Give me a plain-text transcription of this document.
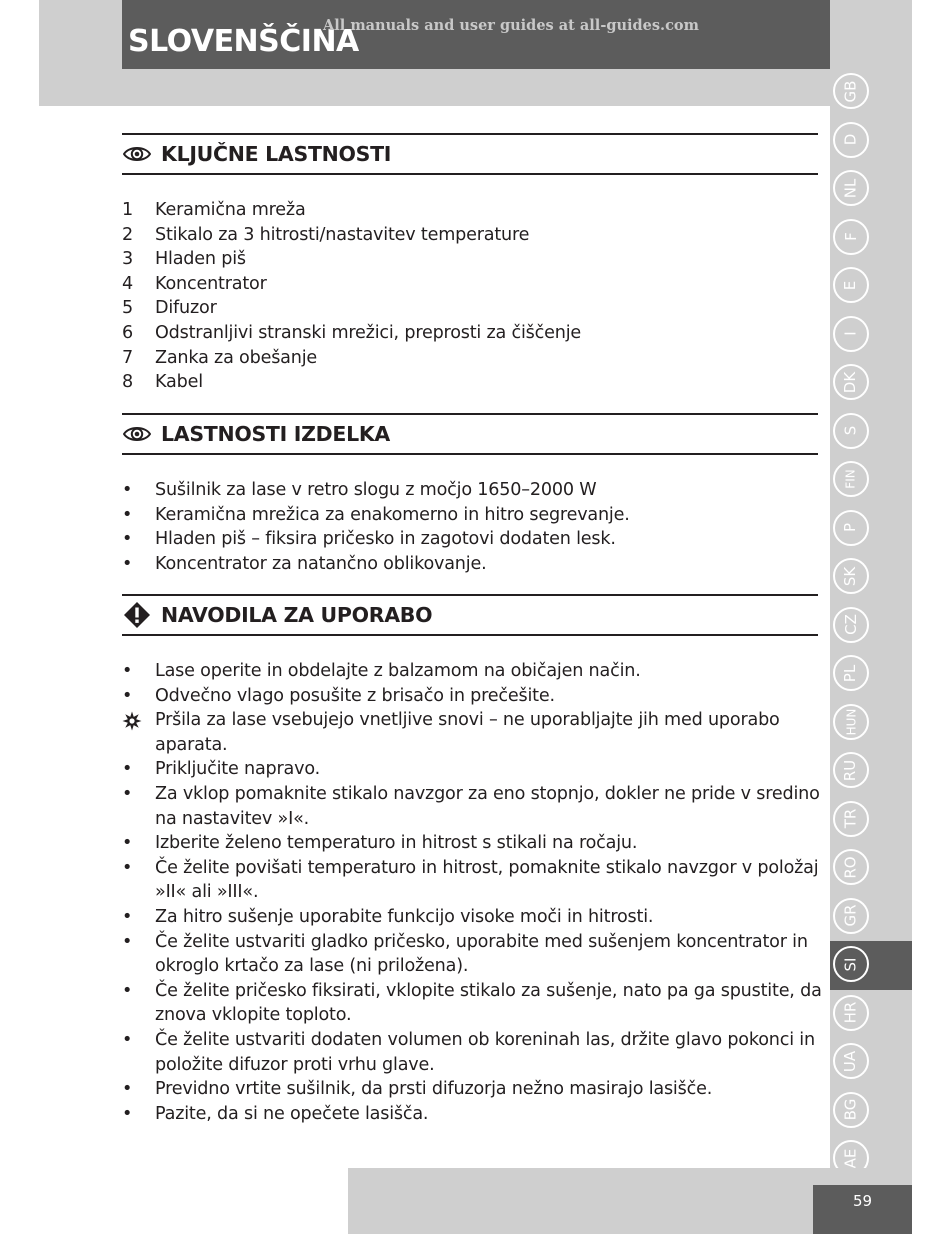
SLOVENŠČINA
All manuals and user guides at all-guides.com
GB
D
NL
F
E
I
DK
S
FIN
P
SK
CZ
PL
HUN
RU
TR
RO
GR
SI
HR
UA
BG
AE
59
KLJUČNE LASTNOSTI
1	Keramična mreža
2	Stikalo za 3 hitrosti/nastavitev temperature
3	Hladen piš
4	Koncentrator
5	Difuzor
6	Odstranljivi stranski mrežici, preprosti za čiščenje
7	Zanka za obešanje
8	Kabel
LASTNOSTI IZDELKA
•	Sušilnik za lase v retro slogu z močjo 1650–2000 W
•	Keramična mrežica za enakomerno in hitro segrevanje.
•	Hladen piš – fiksira pričesko in zagotovi dodaten lesk.
•	Koncentrator za natančno oblikovanje.
NAVODILA ZA UPORABO
•	Lase operite in obdelajte z balzamom na običajen način.
•	Odvečno vlago posušite z brisačo in prečešite.
Pršila za lase vsebujejo vnetljive snovi – ne uporabljajte jih med uporabo aparata.
•	Priključite napravo.
•	Za vklop pomaknite stikalo navzgor za eno stopnjo, dokler ne pride v sredino na nastavitev »I«.
•	Izberite želeno temperaturo in hitrost s stikali na ročaju.
•	Če želite povišati temperaturo in hitrost, pomaknite stikalo navzgor v položaj »II« ali »III«.
•	Za hitro sušenje uporabite funkcijo visoke moči in hitrosti.
•	Če želite ustvariti gladko pričesko, uporabite med sušenjem koncentrator in okroglo krtačo za lase (ni priložena).
•	Če želite pričesko fiksirati, vklopite stikalo za sušenje, nato pa ga spustite, da znova vklopite toploto.
•	Če želite ustvariti dodaten volumen ob koreninah las, držite glavo pokonci in položite difuzor proti vrhu glave.
•	Previdno vrtite sušilnik, da prsti difuzorja nežno masirajo lasišče.
•	Pazite, da si ne opečete lasišča.
